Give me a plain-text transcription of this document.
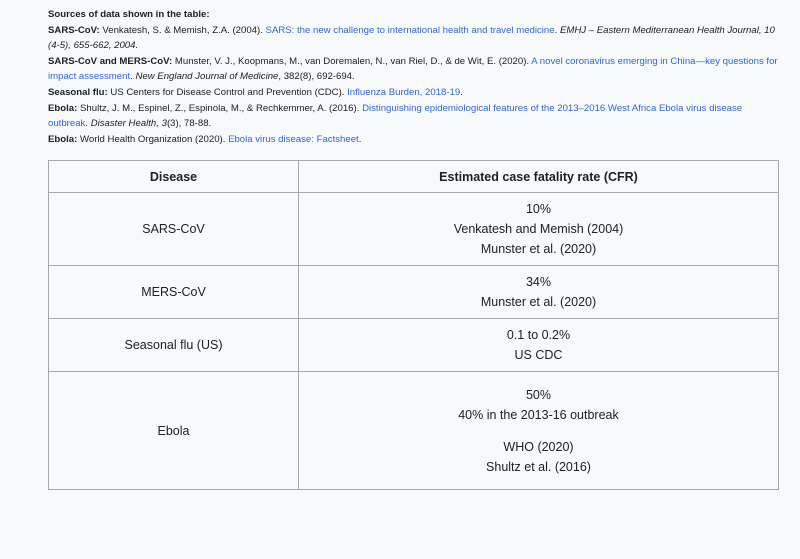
Sources of data shown in the table:

SARS-CoV: Venkatesh, S. & Memish, Z.A. (2004). SARS: the new challenge to international health and travel medicine. EMHJ – Eastern Mediterranean Health Journal, 10 (4-5), 655-662, 2004.

SARS-CoV and MERS-CoV: Munster, V. J., Koopmans, M., van Doremalen, N., van Riel, D., & de Wit, E. (2020). A novel coronavirus emerging in China—key questions for impact assessment. New England Journal of Medicine, 382(8), 692-694.

Seasonal flu: US Centers for Disease Control and Prevention (CDC). Influenza Burden, 2018-19.

Ebola: Shultz, J. M., Espinel, Z., Espinola, M., & Rechkemmer, A. (2016). Distinguishing epidemiological features of the 2013–2016 West Africa Ebola virus disease outbreak. Disaster Health, 3(3), 78-88.

Ebola: World Health Organization (2020). Ebola virus disease: Factsheet.

Disease	Estimated case fatality rate (CFR)
SARS-CoV	10%
Venkatesh and Memish (2004)
Munster et al. (2020)

MERS-CoV	34%
Munster et al. (2020)

Seasonal flu (US)	0.1 to 0.2%
US CDC

Ebola	50%
40% in the 2013-16 outbreak
WHO (2020)
Shultz et al. (2016)
